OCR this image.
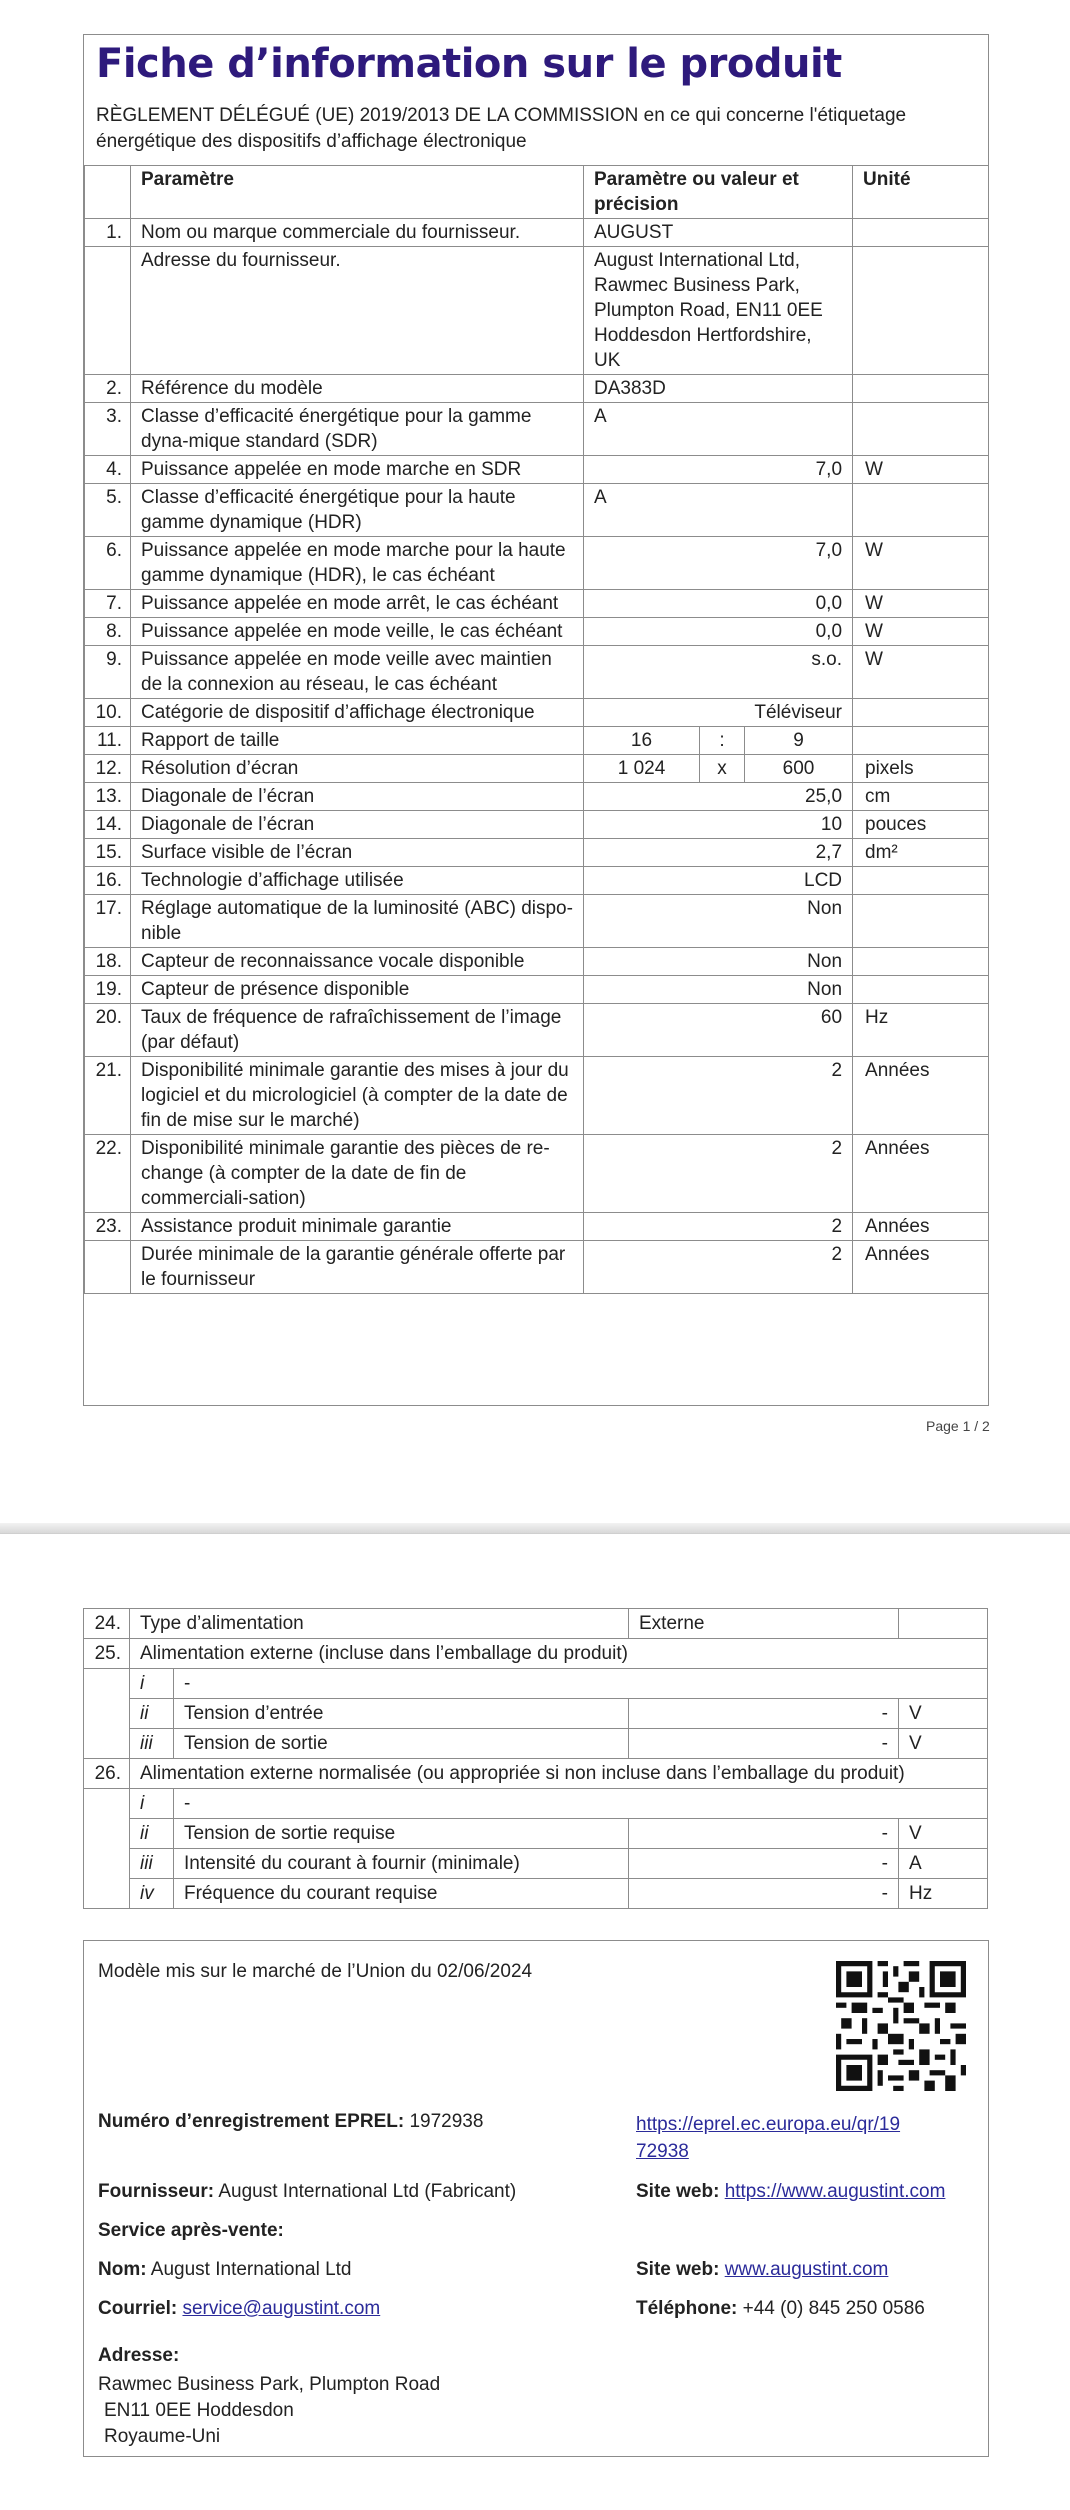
Fiche d’information sur le produit
RÈGLEMENT DÉLÉGUÉ (UE) 2019/2013 DE LA COMMISSION en ce qui concerne l'étiquetage énergétique des dispositifs d’affichage électronique
	Paramètre	Paramètre ou valeur et précision			Unité
1.	Nom ou marque commerciale du fournisseur.	AUGUST			
	Adresse du fournisseur.	August International Ltd, Rawmec Business Park, Plumpton Road, EN11 0EE Hoddesdon Hertfordshire, UK			
2.	Référence du modèle	DA383D			
3.	Classe d’efficacité énergétique pour la gamme dyna-mique standard (SDR)	A			
4.	Puissance appelée en mode marche en SDR	7,0			W
5.	Classe d’efficacité énergétique pour la haute gamme dynamique (HDR)	A			
6.	Puissance appelée en mode marche pour la haute gamme dynamique (HDR), le cas échéant	7,0			W
7.	Puissance appelée en mode arrêt, le cas échéant	0,0			W
8.	Puissance appelée en mode veille, le cas échéant	0,0			W
9.	Puissance appelée en mode veille avec maintien de la connexion au réseau, le cas échéant	s.o.			W
10.	Catégorie de dispositif d’affichage électronique	Téléviseur			
11.	Rapport de taille	16	:	9	
12.	Résolution d’écran	1 024	x	600	pixels
13.	Diagonale de l’écran	25,0			cm
14.	Diagonale de l’écran	10			pouces
15.	Surface visible de l’écran	2,7			dm²
16.	Technologie d’affichage utilisée	LCD			
17.	Réglage automatique de la luminosité (ABC) dispo-nible	Non			
18.	Capteur de reconnaissance vocale disponible	Non			
19.	Capteur de présence disponible	Non			
20.	Taux de fréquence de rafraîchissement de l’image (par défaut)	60			Hz
21.	Disponibilité minimale garantie des mises à jour du logiciel et du micrologiciel (à compter de la date de fin de mise sur le marché)	2			Années
22.	Disponibilité minimale garantie des pièces de re-change (à compter de la date de fin de commerciali-sation)	2			Années
23.	Assistance produit minimale garantie	2			Années
	Durée minimale de la garantie générale offerte par le fournisseur	2			Années
Page 1 / 2
24.	Type d’alimentation		Externe	
25.	Alimentation externe (incluse dans l’emballage du produit)			
	i	-		
	ii	Tension d’entrée	-	V
	iii	Tension de sortie	-	V
26.	Alimentation externe normalisée (ou appropriée si non incluse dans l’emballage du produit)			
	i	-		
	ii	Tension de sortie requise	-	V
	iii	Intensité du courant à fournir (minimale)	-	A
	iv	Fréquence du courant requise	-	Hz
Modèle mis sur le marché de l’Union du 02/06/2024
Numéro d’enregistrement EPREL: 1972938	https://eprel.ec.europa.eu/qr/19
72938
Fournisseur: August International Ltd (Fabricant)	Site web: https://www.augustint.com
Service après-vente:
Nom: August International Ltd	Site web: www.augustint.com
Courriel: service@augustint.com	Téléphone: +44 (0) 845 250 0586
Adresse:
Rawmec Business Park, Plumpton Road
EN11 0EE Hoddesdon
Royaume-Uni
